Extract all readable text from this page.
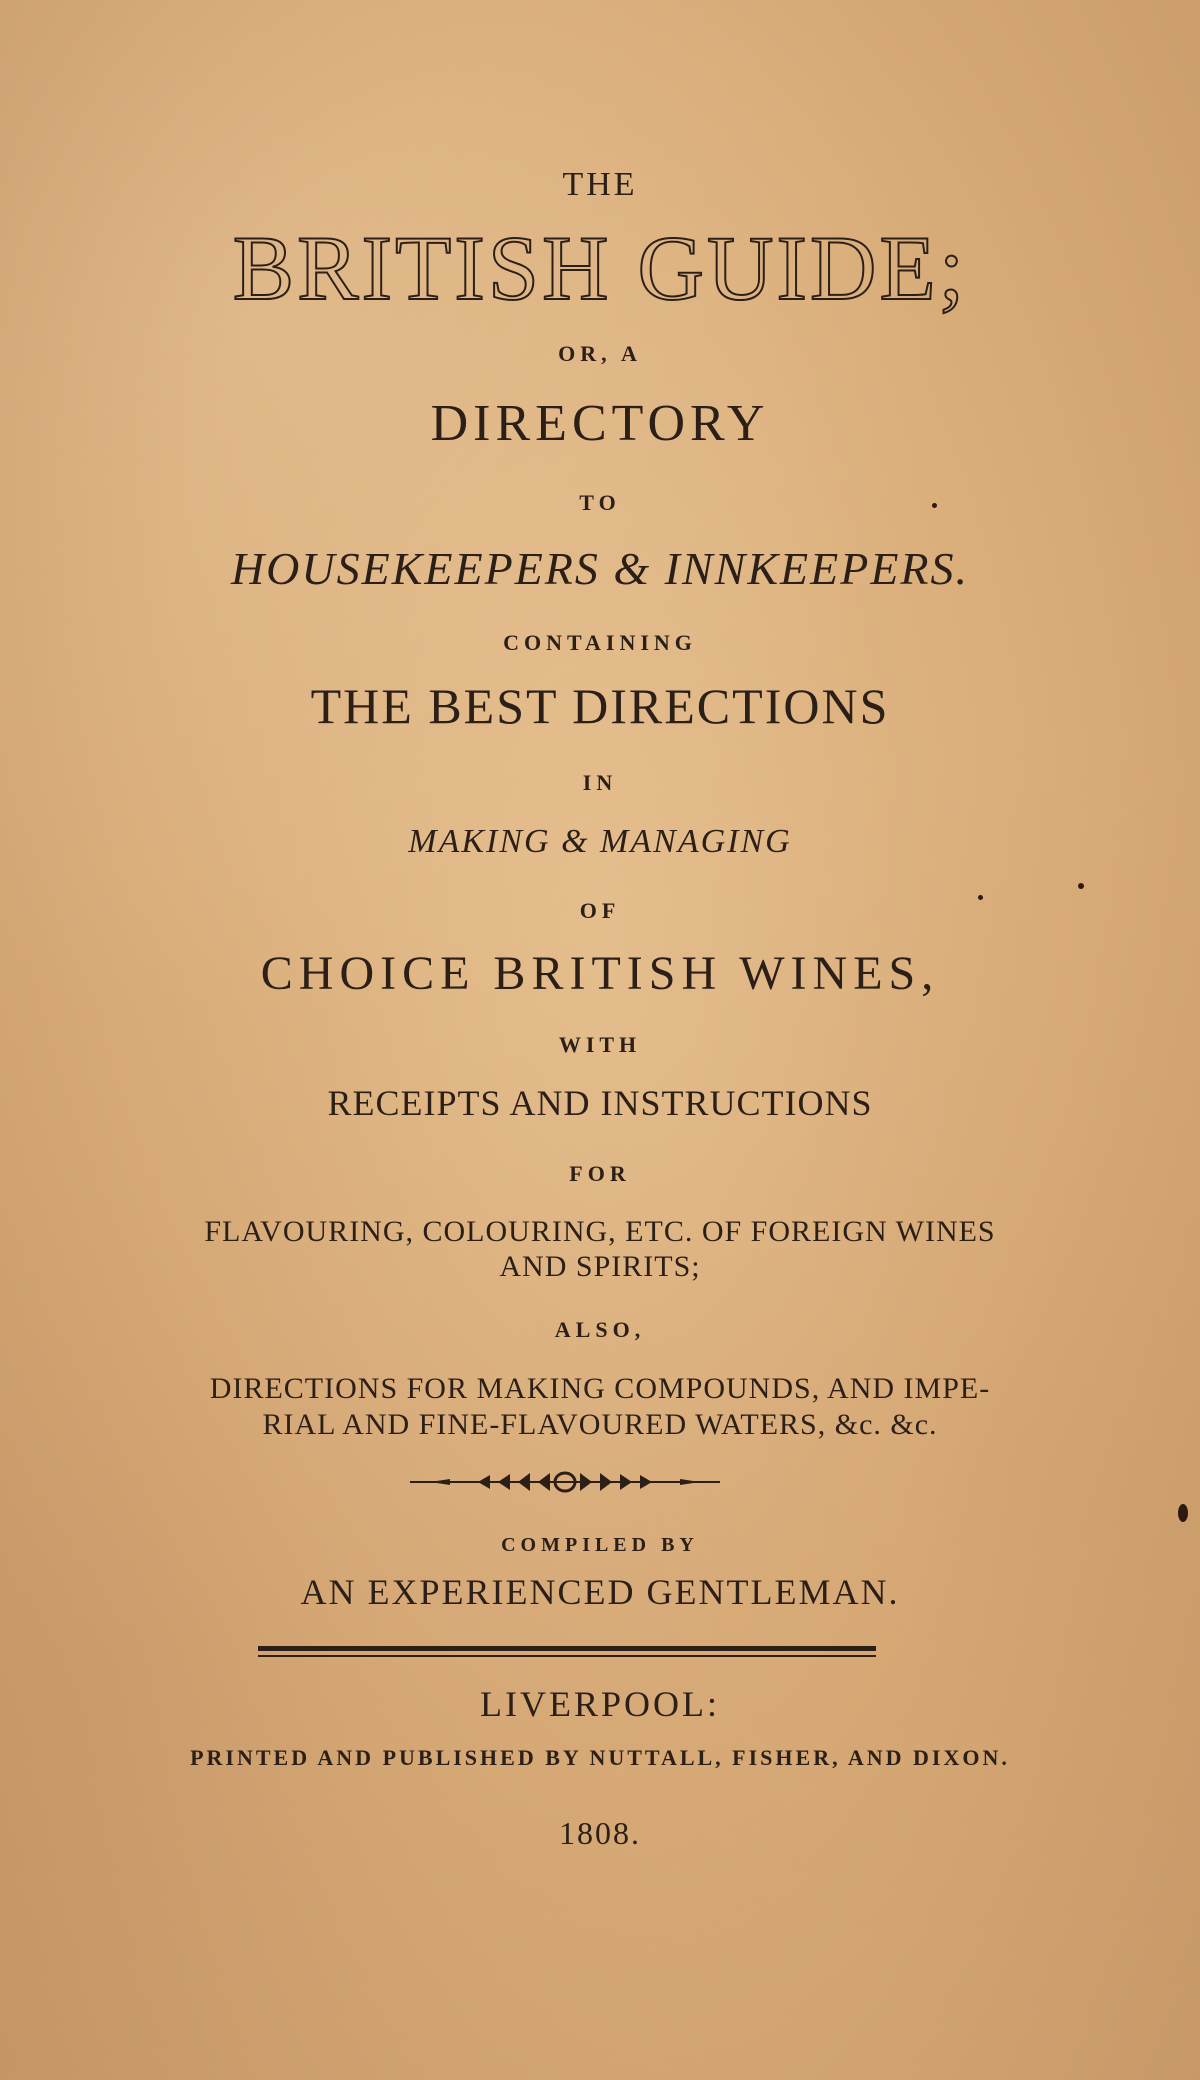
THE
BRITISH GUIDE;
OR, A
DIRECTORY
TO
HOUSEKEEPERS & INNKEEPERS.
CONTAINING
THE BEST DIRECTIONS
IN
MAKING & MANAGING
OF
CHOICE BRITISH WINES,
WITH
RECEIPTS AND INSTRUCTIONS
FOR
FLAVOURING, COLOURING, ETC. OF FOREIGN WINES
AND SPIRITS;
ALSO,
DIRECTIONS FOR MAKING COMPOUNDS, AND IMPE-
RIAL AND FINE-FLAVOURED WATERS, &c. &c.
COMPILED BY
AN EXPERIENCED GENTLEMAN.
LIVERPOOL:
PRINTED AND PUBLISHED BY NUTTALL, FISHER, AND DIXON.
1808.
